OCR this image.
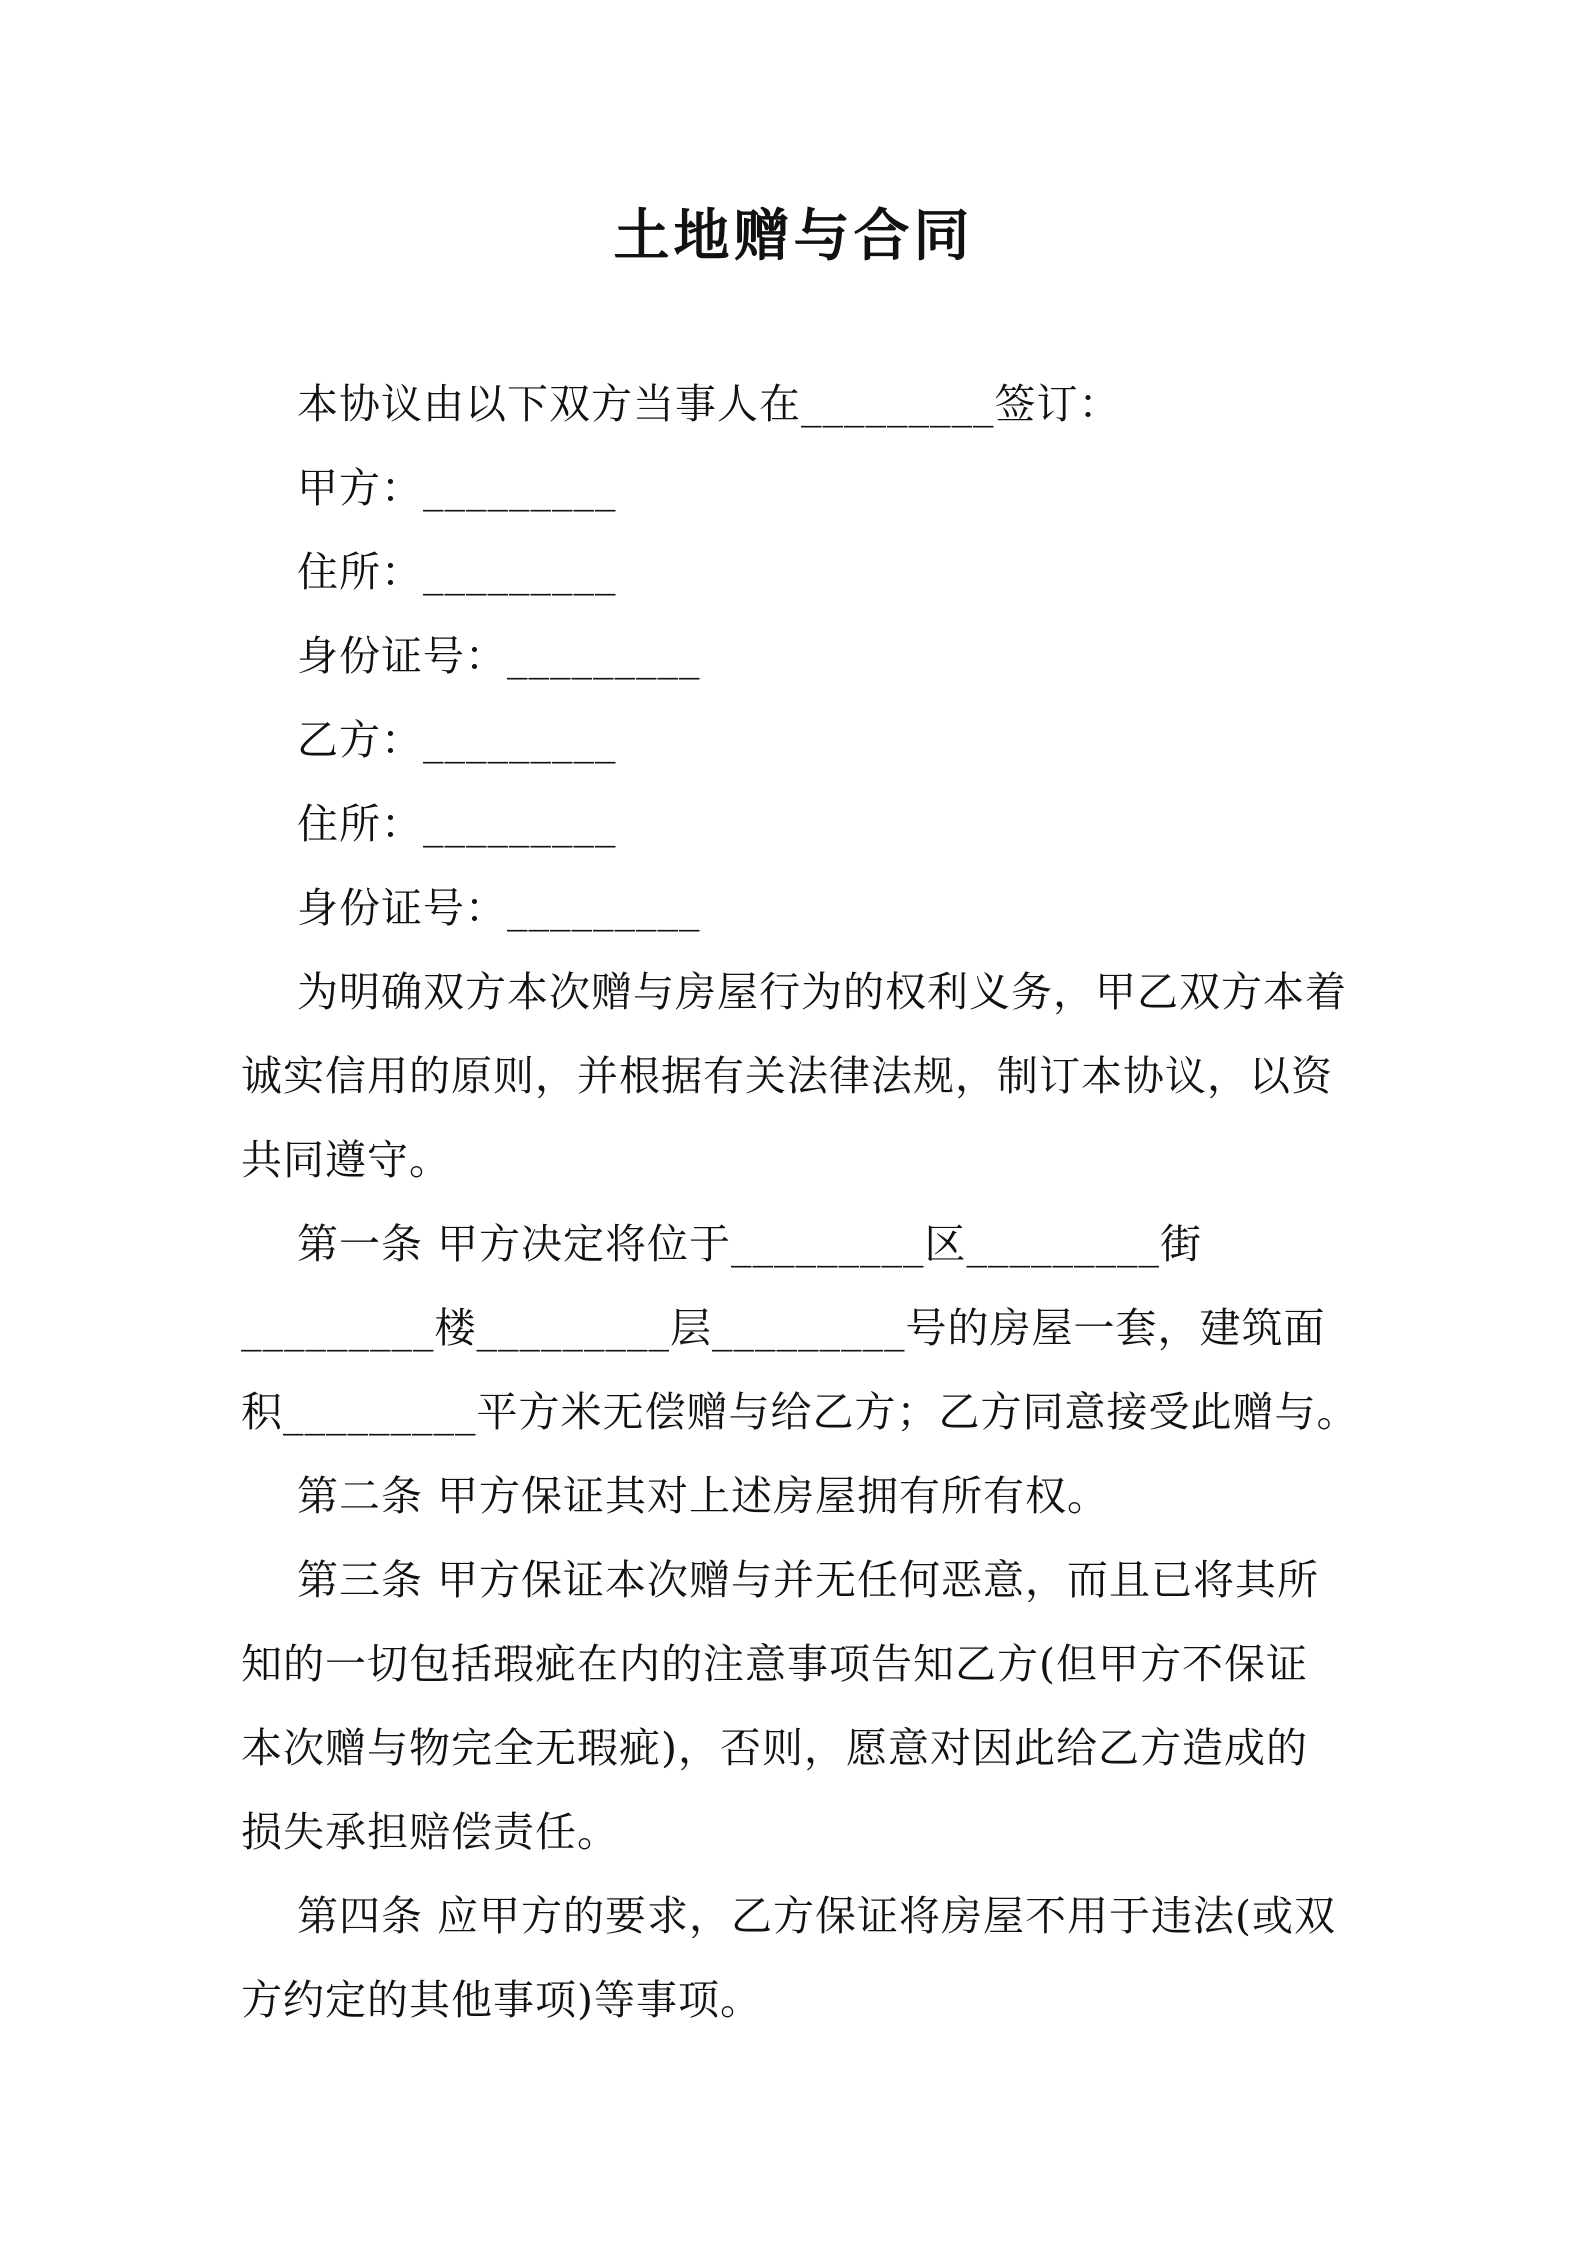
土地赠与合同
本协议由以下双方当事人在_________签订：
甲方：_________
住所：_________
身份证号：_________
乙方：_________
住所：_________
身份证号：_________
为明确双方本次赠与房屋行为的权利义务，甲乙双方本着
诚实信用的原则，并根据有关法律法规，制订本协议，以资
共同遵守。
第一条 甲方决定将位于_________区_________街
_________楼_________层_________号的房屋一套，建筑面
积_________平方米无偿赠与给乙方；乙方同意接受此赠与。
第二条 甲方保证其对上述房屋拥有所有权。
第三条 甲方保证本次赠与并无任何恶意，而且已将其所
知的一切包括瑕疵在内的注意事项告知乙方(但甲方不保证
本次赠与物完全无瑕疵)，否则，愿意对因此给乙方造成的
损失承担赔偿责任。
第四条 应甲方的要求，乙方保证将房屋不用于违法(或双
方约定的其他事项)等事项。
